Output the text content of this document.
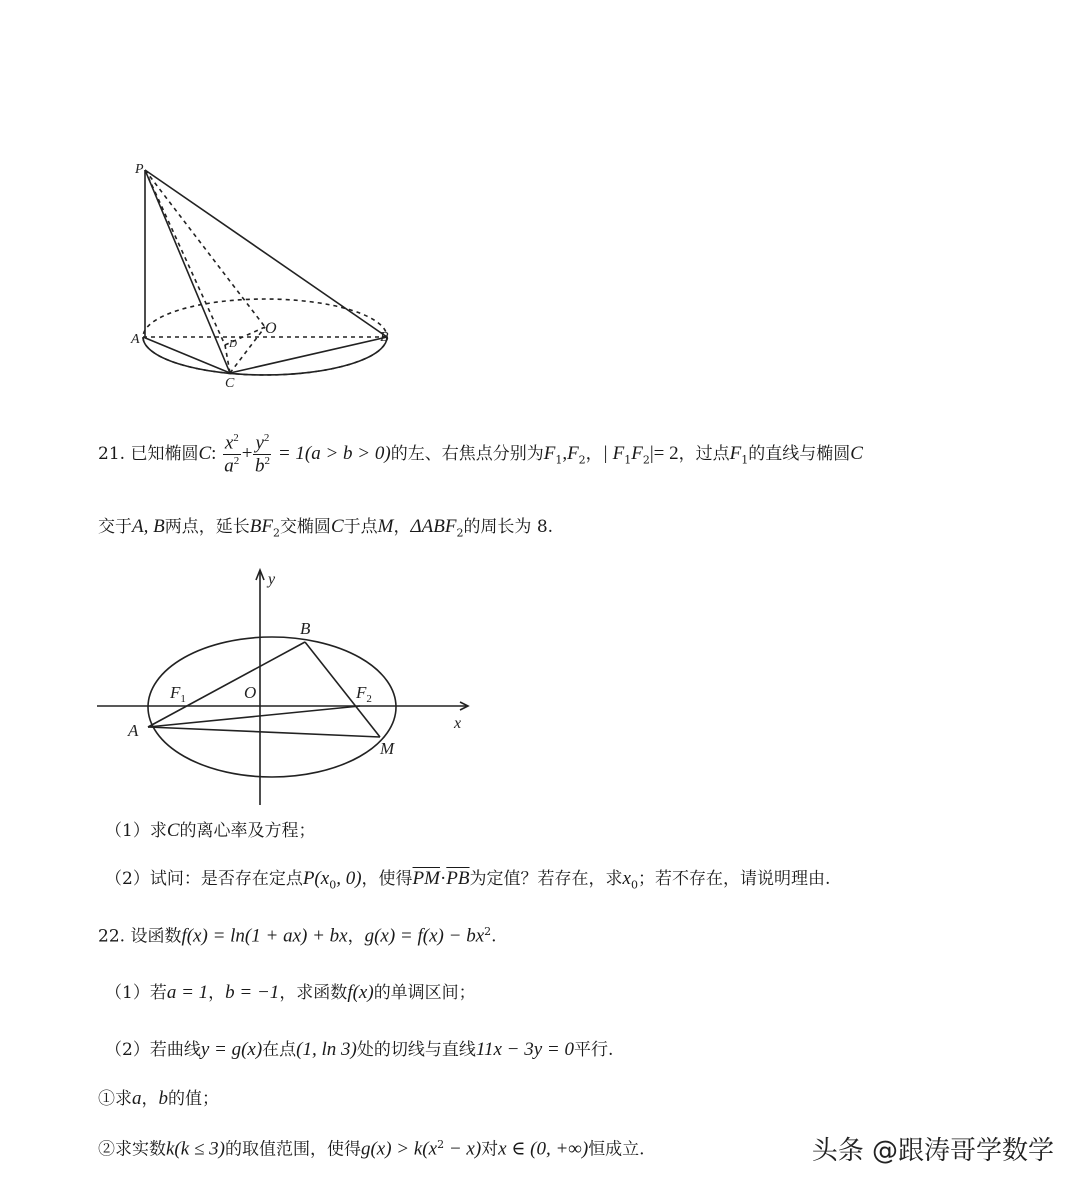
P
A
O
B
C
D
21. 已知椭圆C: $\frac{x^2}{a^2} + \frac{y^2}{b^2} = 1(a > b > 0)$的左、右焦点分别为$F_1,F_2$，| $F_1F_2|= 2$，过点$F_1$的直线与椭圆C
交于A, B两点，延长$BF_2$交椭圆C于点M，$\Delta ABF_2$的周长为 8.
y
x
B
$F_1$	O	$F_2$
A
M
（1）求C的离心率及方程；
（2）试问：是否存在定点$P(x_0$, 0)，使得$\overline{PM}\cdot\overline{PB}$为定值？若存在，求$x_0$；若不存在，请说明理由.
22. 设函数f(x) = ln(1 + ax) + bx，$g(x) = f(x) - bx^2$.
（1）若a = 1，b = −1，求函数f(x)的单调区间；
（2）若曲线y = g(x)在点(1, ln 3)处的切线与直线11x − 3y = 0平行.
①求a，b的值；
②求实数k(k ≤ 3)的取值范围，使得$g(x) > k(x^2 - x)$对x ∈ (0, +∞)恒成立.	头条 @跟涛哥学数学
